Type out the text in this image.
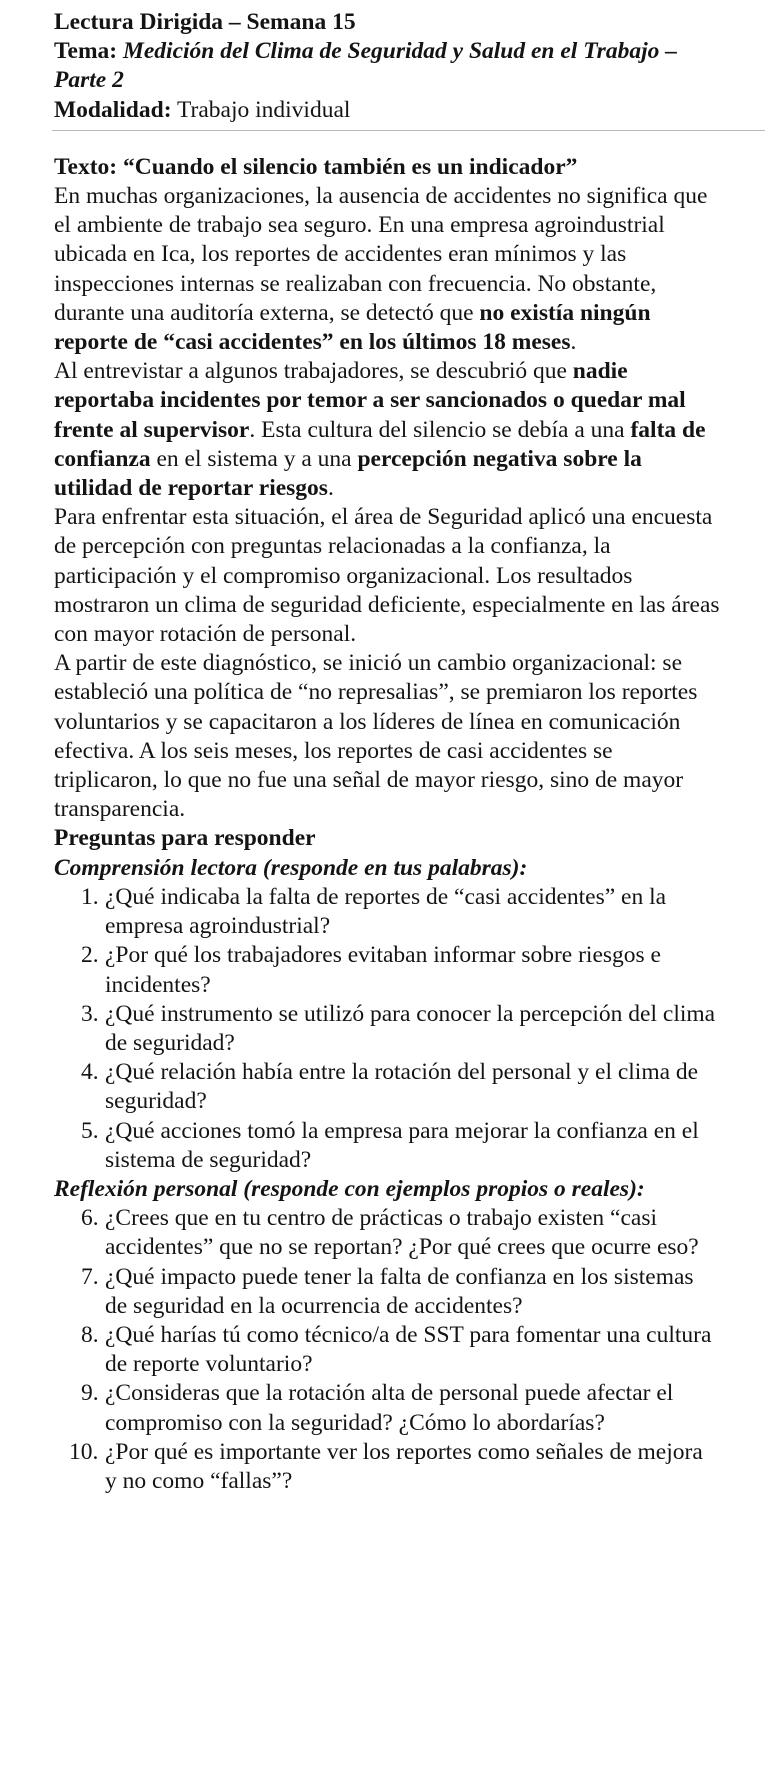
Lectura Dirigida – Semana 15

Tema: Medición del Clima de Seguridad y Salud en el Trabajo – Parte 2

Modalidad: Trabajo individual

Texto: “Cuando el silencio también es un indicador”

En muchas organizaciones, la ausencia de accidentes no significa que el ambiente de trabajo sea seguro. En una empresa agroindustrial ubicada en Ica, los reportes de accidentes eran mínimos y las inspecciones internas se realizaban con frecuencia. No obstante, durante una auditoría externa, se detectó que no existía ningún reporte de “casi accidentes” en los últimos 18 meses.

Al entrevistar a algunos trabajadores, se descubrió que nadie reportaba incidentes por temor a ser sancionados o quedar mal frente al supervisor. Esta cultura del silencio se debía a una falta de confianza en el sistema y a una percepción negativa sobre la utilidad de reportar riesgos.

Para enfrentar esta situación, el área de Seguridad aplicó una encuesta de percepción con preguntas relacionadas a la confianza, la participación y el compromiso organizacional. Los resultados mostraron un clima de seguridad deficiente, especialmente en las áreas con mayor rotación de personal.

A partir de este diagnóstico, se inició un cambio organizacional: se estableció una política de “no represalias”, se premiaron los reportes voluntarios y se capacitaron a los líderes de línea en comunicación efectiva. A los seis meses, los reportes de casi accidentes se triplicaron, lo que no fue una señal de mayor riesgo, sino de mayor transparencia.

Preguntas para responder

Comprensión lectora (responde en tus palabras):

1. ¿Qué indicaba la falta de reportes de “casi accidentes” en la empresa agroindustrial?
2. ¿Por qué los trabajadores evitaban informar sobre riesgos e incidentes?
3. ¿Qué instrumento se utilizó para conocer la percepción del clima de seguridad?
4. ¿Qué relación había entre la rotación del personal y el clima de seguridad?
5. ¿Qué acciones tomó la empresa para mejorar la confianza en el sistema de seguridad?

Reflexión personal (responde con ejemplos propios o reales):

6. ¿Crees que en tu centro de prácticas o trabajo existen “casi accidentes” que no se reportan? ¿Por qué crees que ocurre eso?
7. ¿Qué impacto puede tener la falta de confianza en los sistemas de seguridad en la ocurrencia de accidentes?
8. ¿Qué harías tú como técnico/a de SST para fomentar una cultura de reporte voluntario?
9. ¿Consideras que la rotación alta de personal puede afectar el compromiso con la seguridad? ¿Cómo lo abordarías?
10. ¿Por qué es importante ver los reportes como señales de mejora y no como “fallas”?
